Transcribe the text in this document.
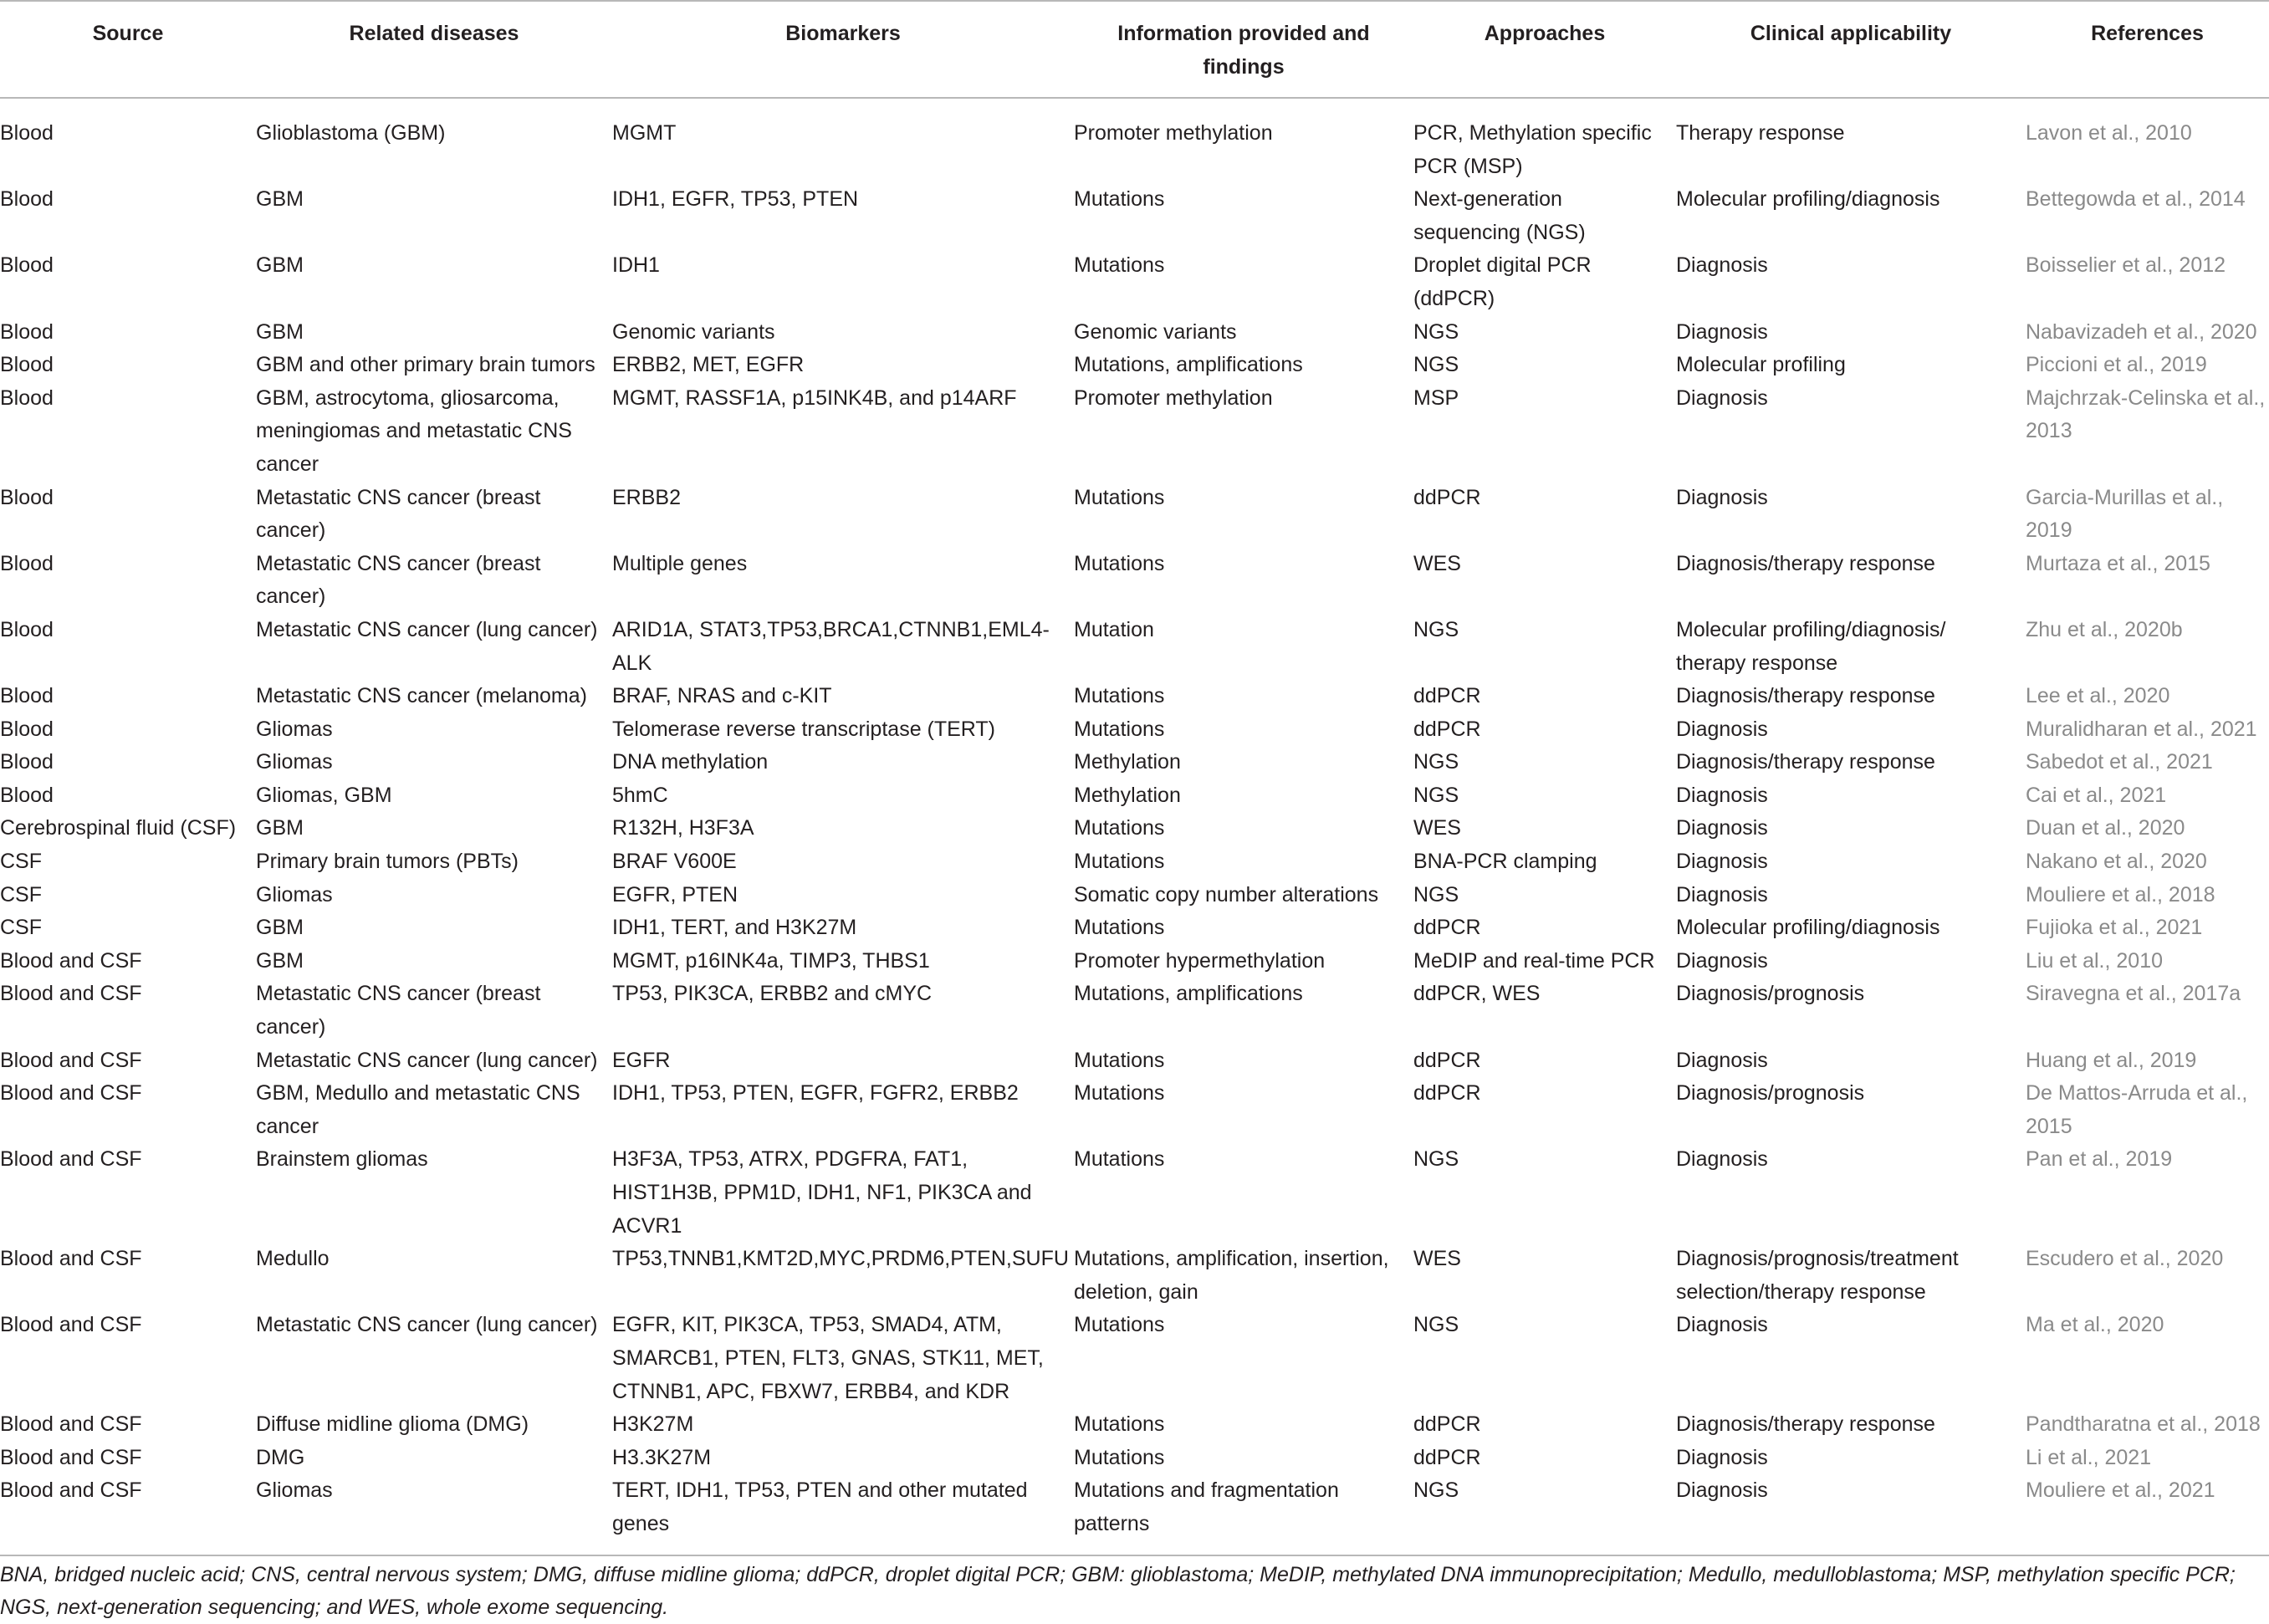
Source	Related diseases	Biomarkers	Information provided and findings	Approaches	Clinical applicability	References
Blood	Glioblastoma (GBM)	MGMT	Promoter methylation	PCR, Methylation specific PCR (MSP)	Therapy response	Lavon et al., 2010
Blood	GBM	IDH1, EGFR, TP53, PTEN	Mutations	Next-generation sequencing (NGS)	Molecular profiling/diagnosis	Bettegowda et al., 2014
Blood	GBM	IDH1	Mutations	Droplet digital PCR (ddPCR)	Diagnosis	Boisselier et al., 2012
Blood	GBM	Genomic variants	Genomic variants	NGS	Diagnosis	Nabavizadeh et al., 2020
Blood	GBM and other primary brain tumors	ERBB2, MET, EGFR	Mutations, amplifications	NGS	Molecular profiling	Piccioni et al., 2019
Blood	GBM, astrocytoma, gliosarcoma, meningiomas and metastatic CNS cancer	MGMT, RASSF1A, p15INK4B, and p14ARF	Promoter methylation	MSP	Diagnosis	Majchrzak-Celinska et al., 2013
Blood	Metastatic CNS cancer (breast cancer)	ERBB2	Mutations	ddPCR	Diagnosis	Garcia-Murillas et al., 2019
Blood	Metastatic CNS cancer (breast cancer)	Multiple genes	Mutations	WES	Diagnosis/therapy response	Murtaza et al., 2015
Blood	Metastatic CNS cancer (lung cancer)	ARID1A, STAT3,TP53,BRCA1,CTNNB1,EML4-ALK	Mutation	NGS	Molecular profiling/diagnosis/ therapy response	Zhu et al., 2020b
Blood	Metastatic CNS cancer (melanoma)	BRAF, NRAS and c-KIT	Mutations	ddPCR	Diagnosis/therapy response	Lee et al., 2020
Blood	Gliomas	Telomerase reverse transcriptase (TERT)	Mutations	ddPCR	Diagnosis	Muralidharan et al., 2021
Blood	Gliomas	DNA methylation	Methylation	NGS	Diagnosis/therapy response	Sabedot et al., 2021
Blood	Gliomas, GBM	5hmC	Methylation	NGS	Diagnosis	Cai et al., 2021
Cerebrospinal fluid (CSF)	GBM	R132H, H3F3A	Mutations	WES	Diagnosis	Duan et al., 2020
CSF	Primary brain tumors (PBTs)	BRAF V600E	Mutations	BNA-PCR clamping	Diagnosis	Nakano et al., 2020
CSF	Gliomas	EGFR, PTEN	Somatic copy number alterations	NGS	Diagnosis	Mouliere et al., 2018
CSF	GBM	IDH1, TERT, and H3K27M	Mutations	ddPCR	Molecular profiling/diagnosis	Fujioka et al., 2021
Blood and CSF	GBM	MGMT, p16INK4a, TIMP3, THBS1	Promoter hypermethylation	MeDIP and real-time PCR	Diagnosis	Liu et al., 2010
Blood and CSF	Metastatic CNS cancer (breast cancer)	TP53, PIK3CA, ERBB2 and cMYC	Mutations, amplifications	ddPCR, WES	Diagnosis/prognosis	Siravegna et al., 2017a
Blood and CSF	Metastatic CNS cancer (lung cancer)	EGFR	Mutations	ddPCR	Diagnosis	Huang et al., 2019
Blood and CSF	GBM, Medullo and metastatic CNS cancer	IDH1, TP53, PTEN, EGFR, FGFR2, ERBB2	Mutations	ddPCR	Diagnosis/prognosis	De Mattos-Arruda et al., 2015
Blood and CSF	Brainstem gliomas	H3F3A, TP53, ATRX, PDGFRA, FAT1, HIST1H3B, PPM1D, IDH1, NF1, PIK3CA and ACVR1	Mutations	NGS	Diagnosis	Pan et al., 2019
Blood and CSF	Medullo	TP53,TNNB1,KMT2D,MYC,PRDM6,PTEN,SUFU	Mutations, amplification, insertion, deletion, gain	WES	Diagnosis/prognosis/treatment selection/therapy response	Escudero et al., 2020
Blood and CSF	Metastatic CNS cancer (lung cancer)	EGFR, KIT, PIK3CA, TP53, SMAD4, ATM, SMARCB1, PTEN, FLT3, GNAS, STK11, MET, CTNNB1, APC, FBXW7, ERBB4, and KDR	Mutations	NGS	Diagnosis	Ma et al., 2020
Blood and CSF	Diffuse midline glioma (DMG)	H3K27M	Mutations	ddPCR	Diagnosis/therapy response	Pandtharatna et al., 2018
Blood and CSF	DMG	H3.3K27M	Mutations	ddPCR	Diagnosis	Li et al., 2021
Blood and CSF	Gliomas	TERT, IDH1, TP53, PTEN and other mutated genes	Mutations and fragmentation patterns	NGS	Diagnosis	Mouliere et al., 2021
BNA, bridged nucleic acid; CNS, central nervous system; DMG, diffuse midline glioma; ddPCR, droplet digital PCR; GBM: glioblastoma; MeDIP, methylated DNA immunoprecipitation; Medullo, medulloblastoma; MSP, methylation specific PCR; NGS, next-generation sequencing; and WES, whole exome sequencing.
